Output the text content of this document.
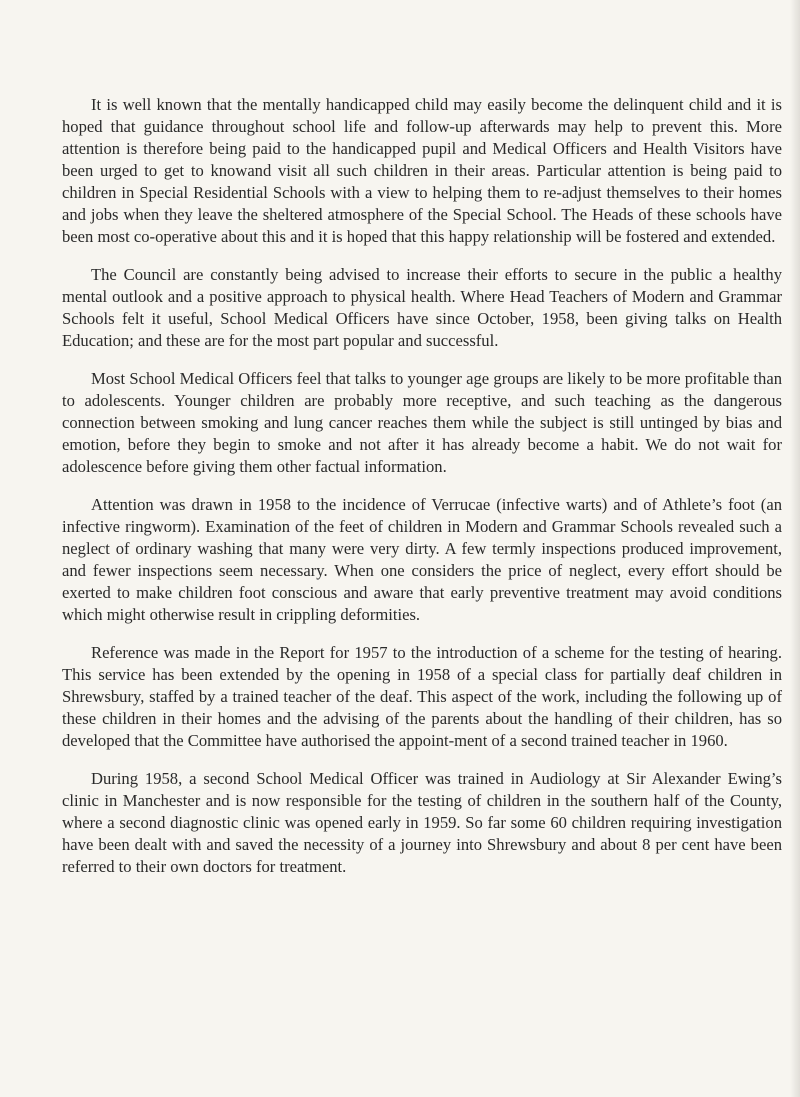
It is well known that the mentally handicapped child may easily become the delinquent child and it is hoped that guidance throughout school life and follow-up afterwards may help to prevent this. More attention is therefore being paid to the handicapped pupil and Medical Officers and Health Visitors have been urged to get to knowand visit all such children in their areas. Particular attention is being paid to children in Special Residential Schools with a view to helping them to re-adjust themselves to their homes and jobs when they leave the sheltered atmosphere of the Special School. The Heads of these schools have been most co-operative about this and it is hoped that this happy relationship will be fostered and extended.

The Council are constantly being advised to increase their efforts to secure in the public a healthy mental outlook and a positive approach to physical health. Where Head Teachers of Modern and Grammar Schools felt it useful, School Medical Officers have since October, 1958, been giving talks on Health Education; and these are for the most part popular and successful.

Most School Medical Officers feel that talks to younger age groups are likely to be more profitable than to adolescents. Younger children are probably more receptive, and such teaching as the dangerous connection between smoking and lung cancer reaches them while the subject is still untinged by bias and emotion, before they begin to smoke and not after it has already become a habit. We do not wait for adolescence before giving them other factual information.

Attention was drawn in 1958 to the incidence of Verrucae (infective warts) and of Athlete’s foot (an infective ringworm). Examination of the feet of children in Modern and Grammar Schools revealed such a neglect of ordinary washing that many were very dirty. A few termly inspections produced improvement, and fewer inspections seem necessary. When one considers the price of neglect, every effort should be exerted to make children foot conscious and aware that early preventive treatment may avoid conditions which might otherwise result in crippling deformities.

Reference was made in the Report for 1957 to the introduction of a scheme for the testing of hearing. This service has been extended by the opening in 1958 of a special class for partially deaf children in Shrewsbury, staffed by a trained teacher of the deaf. This aspect of the work, including the following up of these children in their homes and the advising of the parents about the handling of their children, has so developed that the Committee have authorised the appoint-ment of a second trained teacher in 1960.

During 1958, a second School Medical Officer was trained in Audiology at Sir Alexander Ewing’s clinic in Manchester and is now responsible for the testing of children in the southern half of the County, where a second diagnostic clinic was opened early in 1959. So far some 60 children requiring investigation have been dealt with and saved the necessity of a journey into Shrewsbury and about 8 per cent have been referred to their own doctors for treatment.
